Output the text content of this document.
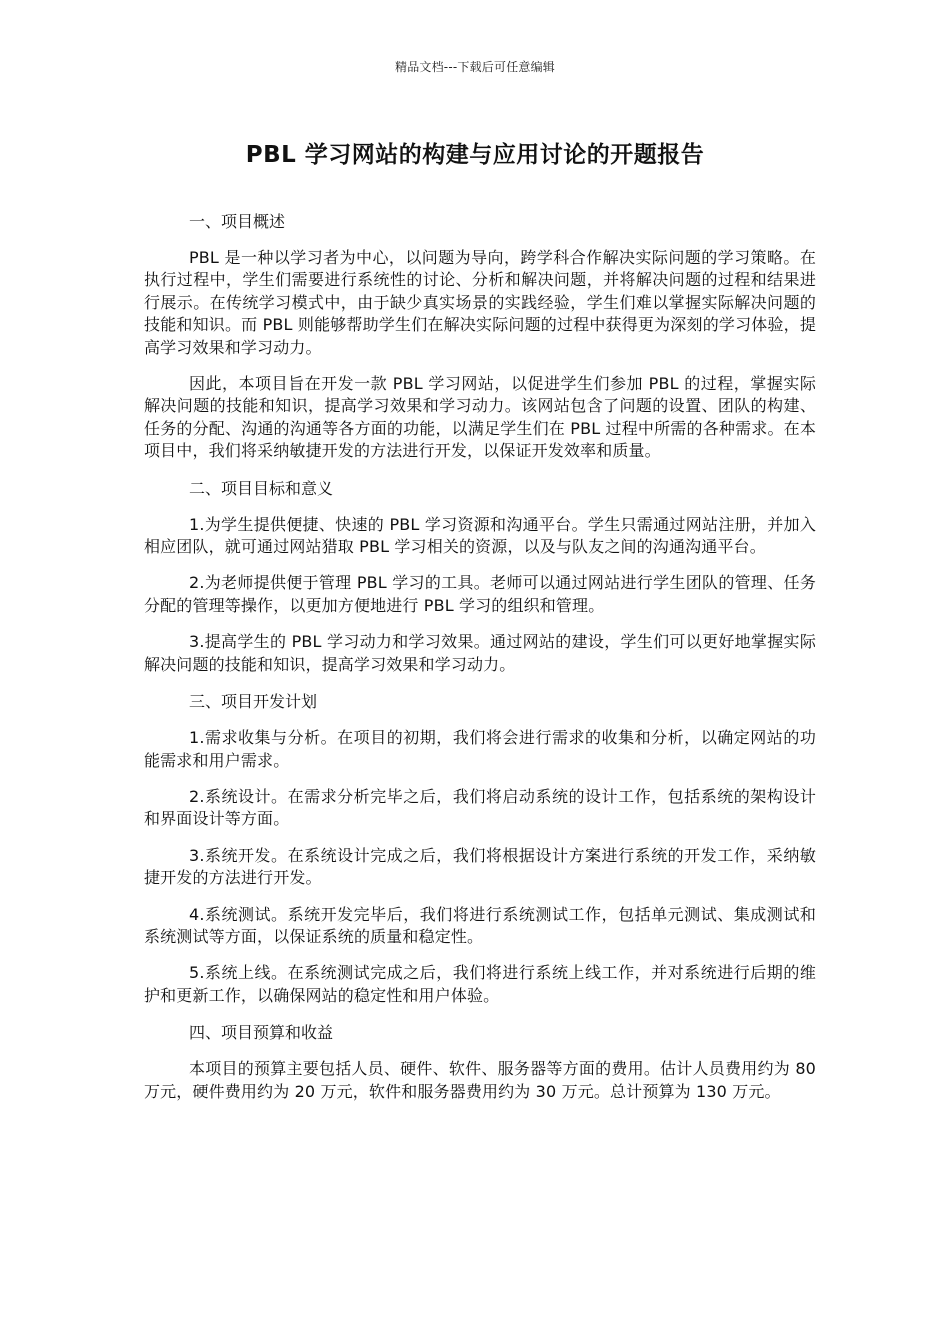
精品文档---下载后可任意编辑
PBL 学习网站的构建与应用讨论的开题报告
一、项目概述

PBL 是一种以学习者为中心，以问题为导向，跨学科合作解决实际问题的学习策略。在执行过程中，学生们需要进行系统性的讨论、分析和解决问题，并将解决问题的过程和结果进行展示。在传统学习模式中，由于缺少真实场景的实践经验，学生们难以掌握实际解决问题的技能和知识。而 PBL 则能够帮助学生们在解决实际问题的过程中获得更为深刻的学习体验，提高学习效果和学习动力。

因此，本项目旨在开发一款 PBL 学习网站，以促进学生们参加 PBL 的过程，掌握实际解决问题的技能和知识，提高学习效果和学习动力。该网站包含了问题的设置、团队的构建、任务的分配、沟通的沟通等各方面的功能，以满足学生们在 PBL 过程中所需的各种需求。在本项目中，我们将采纳敏捷开发的方法进行开发，以保证开发效率和质量。

二、项目目标和意义

1.为学生提供便捷、快速的 PBL 学习资源和沟通平台。学生只需通过网站注册，并加入相应团队，就可通过网站猎取 PBL 学习相关的资源，以及与队友之间的沟通沟通平台。

2.为老师提供便于管理 PBL 学习的工具。老师可以通过网站进行学生团队的管理、任务分配的管理等操作，以更加方便地进行 PBL 学习的组织和管理。

3.提高学生的 PBL 学习动力和学习效果。通过网站的建设，学生们可以更好地掌握实际解决问题的技能和知识，提高学习效果和学习动力。

三、项目开发计划

1.需求收集与分析。在项目的初期，我们将会进行需求的收集和分析，以确定网站的功能需求和用户需求。

2.系统设计。在需求分析完毕之后，我们将启动系统的设计工作，包括系统的架构设计和界面设计等方面。

3.系统开发。在系统设计完成之后，我们将根据设计方案进行系统的开发工作，采纳敏捷开发的方法进行开发。

4.系统测试。系统开发完毕后，我们将进行系统测试工作，包括单元测试、集成测试和系统测试等方面，以保证系统的质量和稳定性。

5.系统上线。在系统测试完成之后，我们将进行系统上线工作，并对系统进行后期的维护和更新工作，以确保网站的稳定性和用户体验。

四、项目预算和收益

本项目的预算主要包括人员、硬件、软件、服务器等方面的费用。估计人员费用约为 80 万元，硬件费用约为 20 万元，软件和服务器费用约为 30 万元。总计预算为 130 万元。
